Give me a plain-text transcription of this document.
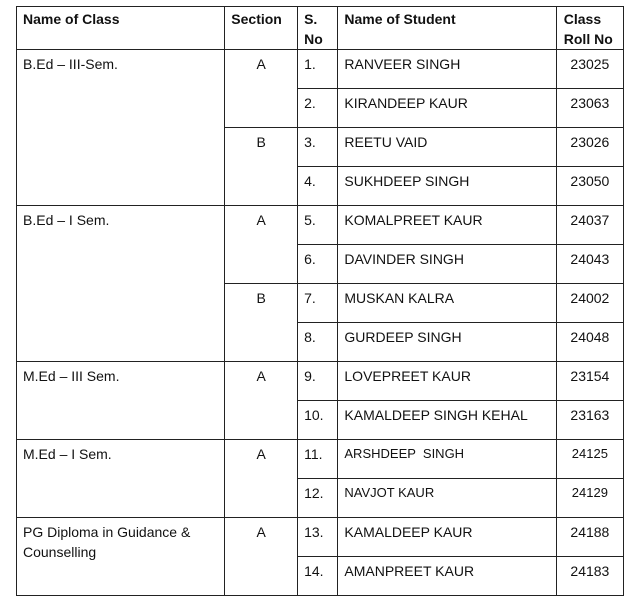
Name of Class	Section	S. No	Name of Student	Class
Roll No
B.Ed – III-Sem.	A	1.	RANVEER SINGH	23025
		2.	KIRANDEEP KAUR	23063
	B	3.	REETU VAID	23026
		4.	SUKHDEEP SINGH	23050
B.Ed – I Sem.	A	5.	KOMALPREET KAUR	24037
		6.	DAVINDER SINGH	24043
	B	7.	MUSKAN KALRA	24002
		8.	GURDEEP SINGH	24048
M.Ed – III Sem.	A	9.	LOVEPREET KAUR	23154
		10.	KAMALDEEP SINGH KEHAL	23163
M.Ed – I Sem.	A	11.	ARSHDEEP  SINGH	24125
		12.	NAVJOT KAUR	24129
PG Diploma in Guidance & Counselling	A	13.	KAMALDEEP KAUR	24188
		14.	AMANPREET KAUR	24183
